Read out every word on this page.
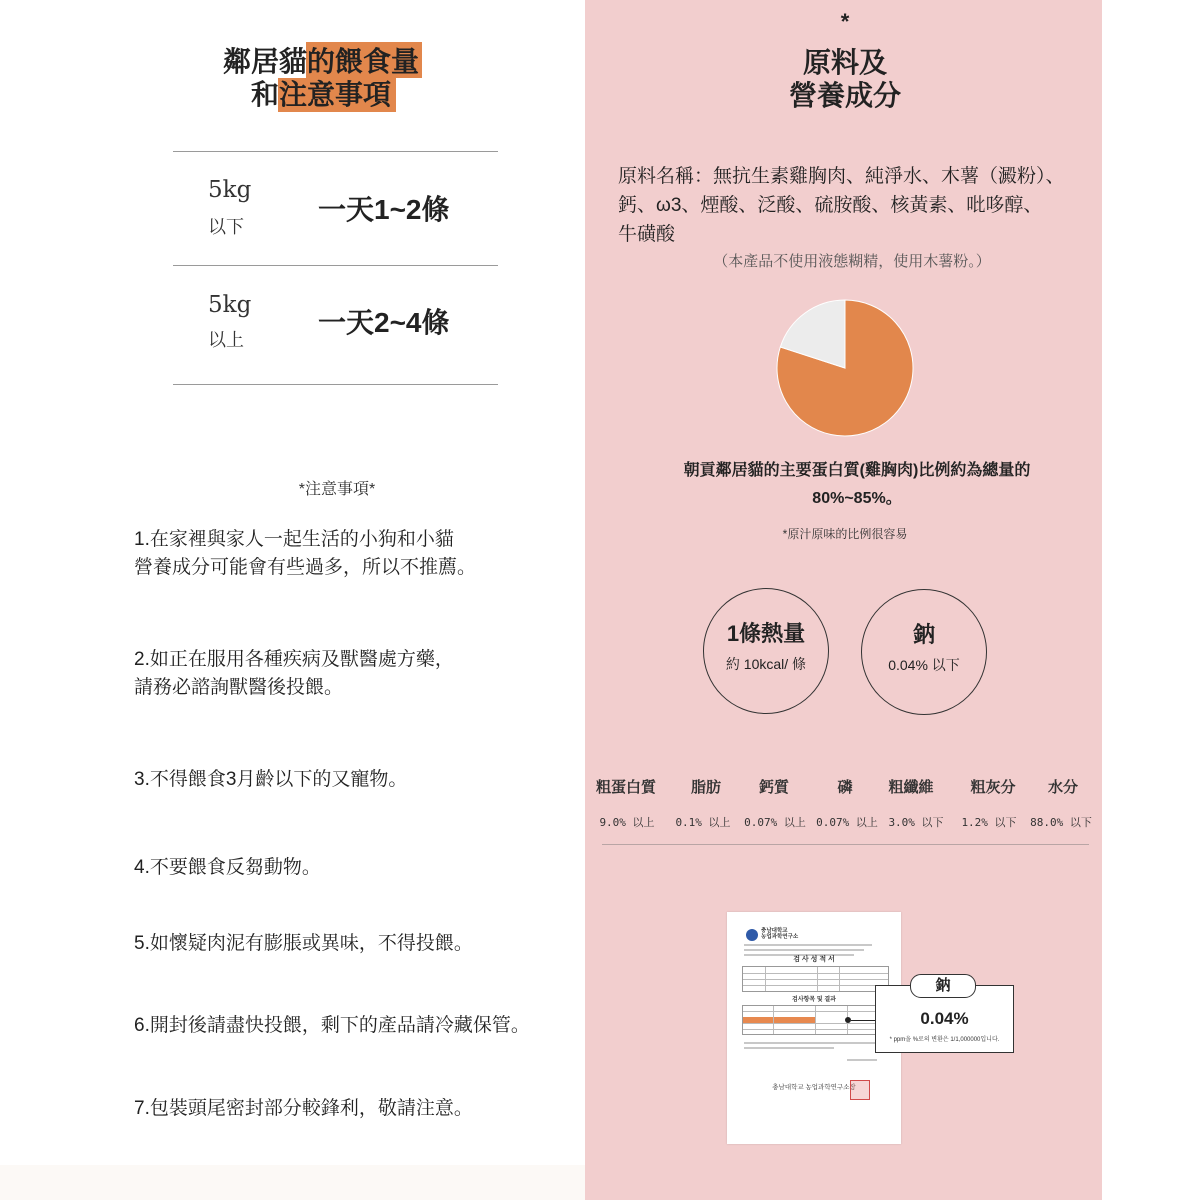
鄰居貓的餵食量
和注意事項
5kg
以下
一天1~2條
5kg
以上
一天2~4條
*注意事項*
1.在家裡與家人一起生活的小狗和小貓
營養成分可能會有些過多，所以不推薦。
2.如正在服用各種疾病及獸醫處方藥，
請務必諮詢獸醫後投餵。
3.不得餵食3月齡以下的又寵物。
4.不要餵食反芻動物。
5.如懷疑肉泥有膨脹或異味，不得投餵。
6.開封後請盡快投餵，剩下的產品請冷藏保管。
7.包裝頭尾密封部分較鋒利，敬請注意。
*
原料及
營養成分
原料名稱：無抗生素雞胸肉、純淨水、木薯（澱粉）、
鈣、ω3、煙酸、泛酸、硫胺酸、核黃素、吡哆醇、
牛磺酸
（本產品不使用液態糊精，使用木薯粉。）
朝貢鄰居貓的主要蛋白質(雞胸肉)比例約為總量的
80%~85%。
*原汁原味的比例很容易
1條熱量
約 10kcal/ 條
鈉
0.04% 以下
粗蛋白質	脂肪	鈣質	磷	粗纖維	粗灰分	水分
9.0% 以上	0.1% 以上	0.07% 以上 0.07% 以上 3.0% 以下	1.2% 以下	88.0% 以下
충남대학교
농업과학연구소
검 사 성 적 서
검사항목 및 결과
충남대학교 농업과학연구소장
0.04%
* ppm을 %로의 변환은 1/1,000000입니다.
鈉
